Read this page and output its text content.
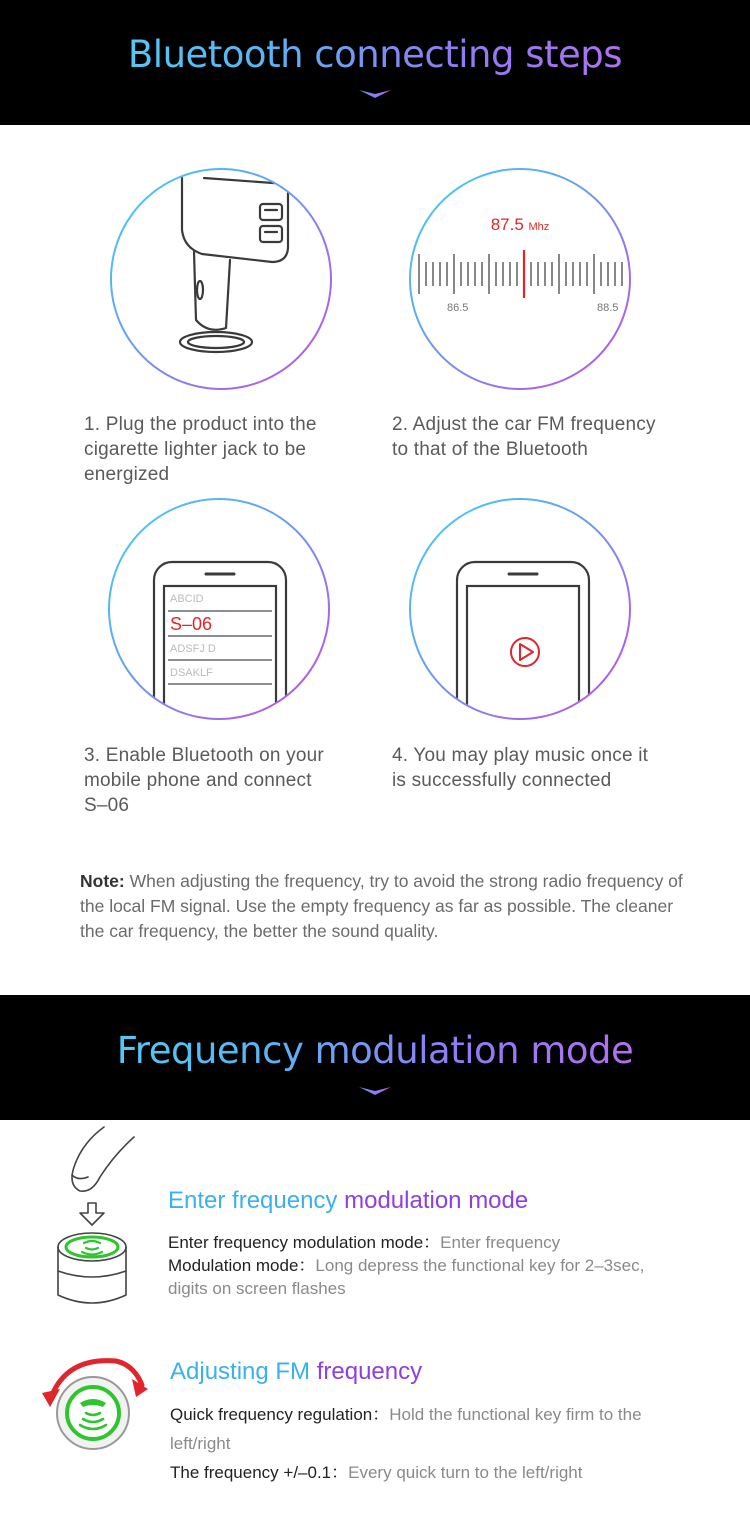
Bluetooth connecting steps
87.5 Mhz
86.5	88.5
1. Plug the product into the
cigarette lighter jack to be
energized
2. Adjust the car FM frequency
to that of the Bluetooth
ABCID
S–06
ADSFJ D
DSAKLF
3. Enable Bluetooth on your
mobile phone and connect
S–06
4. You may play music once it
is successfully connected
Note: When adjusting the frequency, try to avoid the strong radio frequency of the local FM signal. Use the empty frequency as far as possible. The cleaner the car frequency, the better the sound quality.
Frequency modulation mode
Enter frequency modulation mode
Enter frequency modulation mode：Enter frequency
Modulation mode：Long depress the functional key for 2–3sec,
digits on screen flashes
Adjusting FM frequency
Quick frequency regulation：Hold the functional key firm to the
left/right
The frequency +/–0.1：Every quick turn to the left/right
